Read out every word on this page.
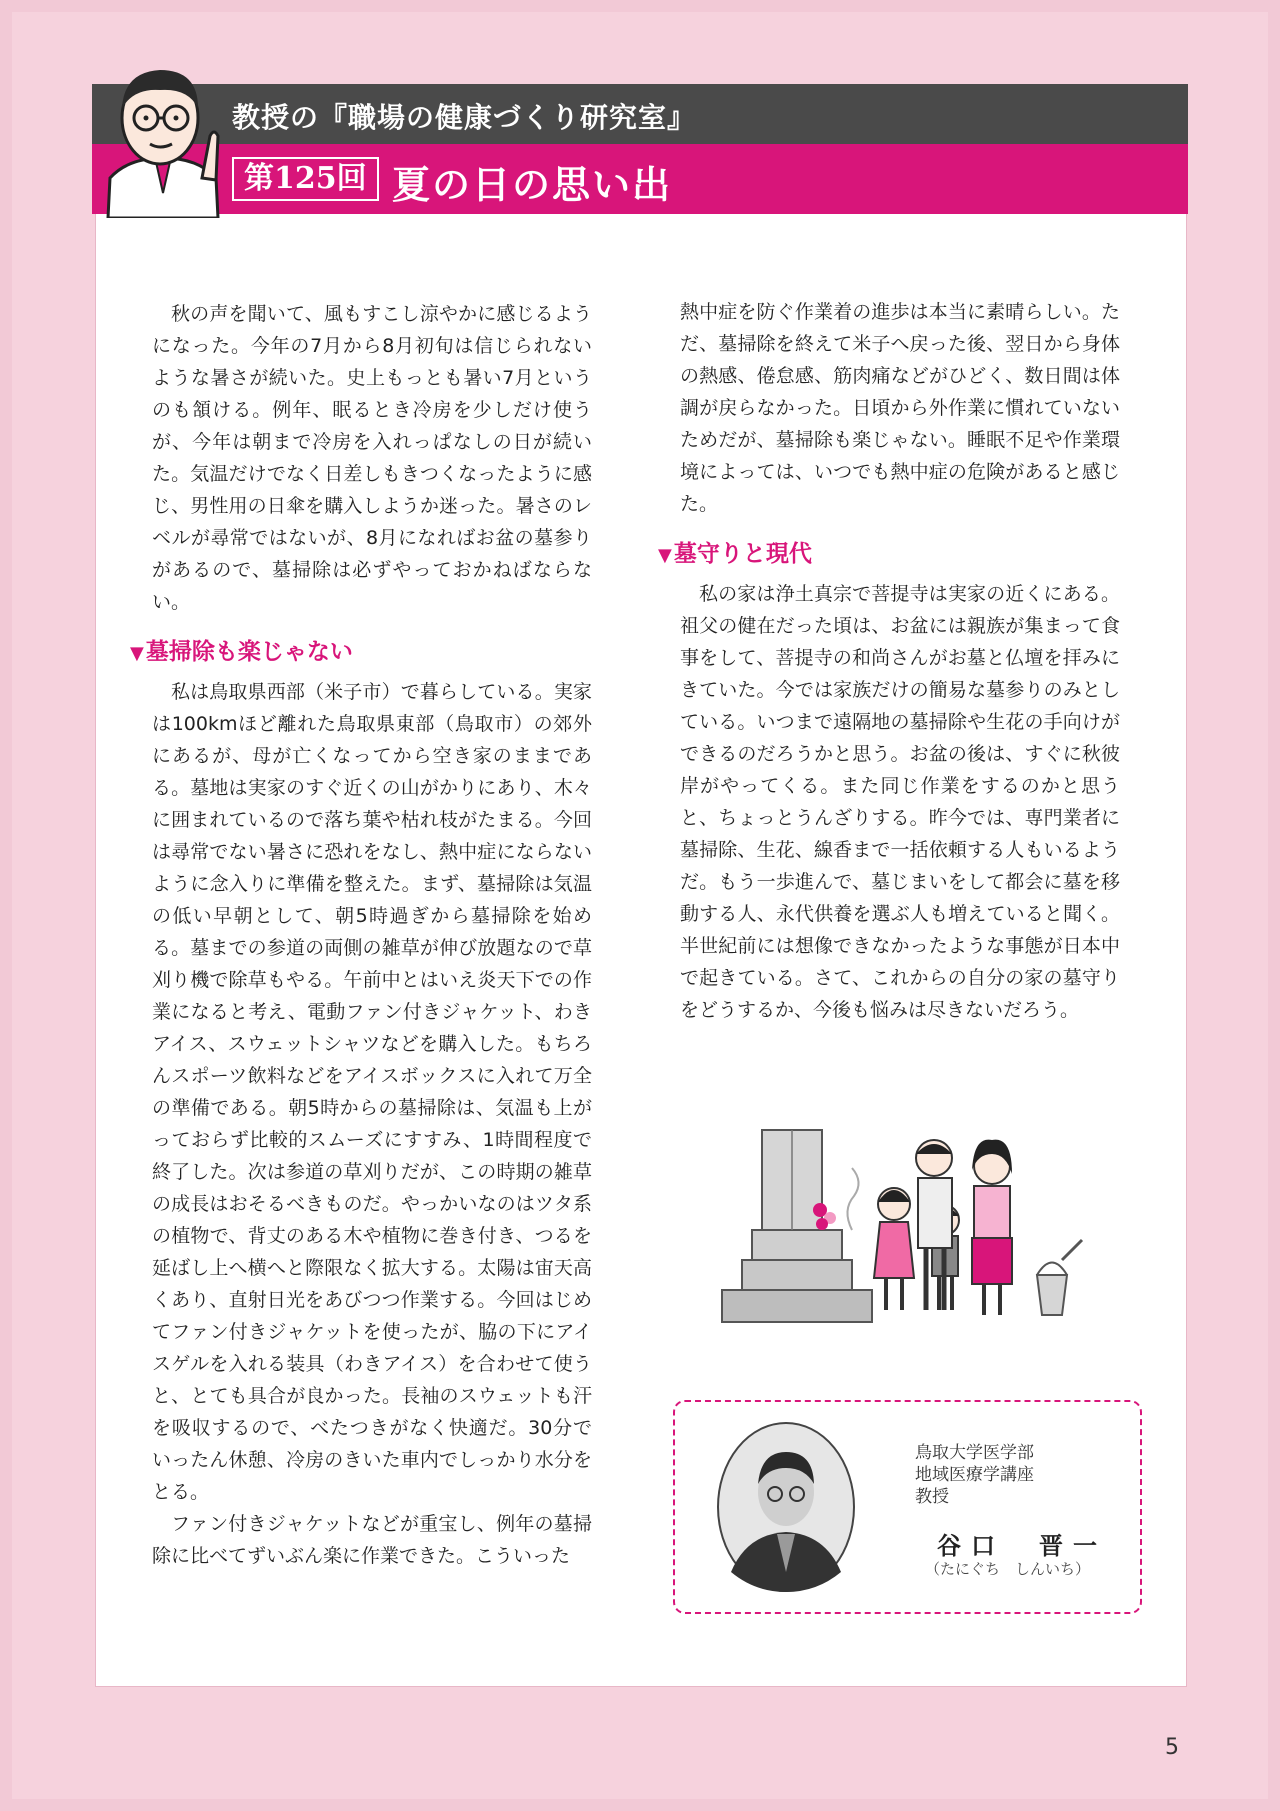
教授の『職場の健康づくり研究室』
第125回 夏の日の思い出

秋の声を聞いて、風もすこし涼やかに感じるようになった。今年の7月から8月初旬は信じられないような暑さが続いた。史上もっとも暑い7月というのも頷ける。例年、眠るとき冷房を少しだけ使うが、今年は朝まで冷房を入れっぱなしの日が続いた。気温だけでなく日差しもきつくなったように感じ、男性用の日傘を購入しようか迷った。暑さのレベルが尋常ではないが、8月になればお盆の墓参りがあるので、墓掃除は必ずやっておかねばならない。

▼墓掃除も楽じゃない

私は鳥取県西部（米子市）で暮らしている。実家は100kmほど離れた鳥取県東部（鳥取市）の郊外にあるが、母が亡くなってから空き家のままである。墓地は実家のすぐ近くの山がかりにあり、木々に囲まれているので落ち葉や枯れ枝がたまる。今回は尋常でない暑さに恐れをなし、熱中症にならないように念入りに準備を整えた。まず、墓掃除は気温の低い早朝として、朝5時過ぎから墓掃除を始める。墓までの参道の両側の雑草が伸び放題なので草刈り機で除草もやる。午前中とはいえ炎天下での作業になると考え、電動ファン付きジャケット、わきアイス、スウェットシャツなどを購入した。もちろんスポーツ飲料などをアイスボックスに入れて万全の準備である。朝5時からの墓掃除は、気温も上がっておらず比較的スムーズにすすみ、1時間程度で終了した。次は参道の草刈りだが、この時期の雑草の成長はおそるべきものだ。やっかいなのはツタ系の植物で、背丈のある木や植物に巻き付き、つるを延ばし上へ横へと際限なく拡大する。太陽は宙天高くあり、直射日光をあびつつ作業する。今回はじめてファン付きジャケットを使ったが、脇の下にアイスゲルを入れる装具（わきアイス）を合わせて使うと、とても具合が良かった。長袖のスウェットも汗を吸収するので、べたつきがなく快適だ。30分でいったん休憩、冷房のきいた車内でしっかり水分をとる。

ファン付きジャケットなどが重宝し、例年の墓掃除に比べてずいぶん楽に作業できた。こういった

熱中症を防ぐ作業着の進歩は本当に素晴らしい。ただ、墓掃除を終えて米子へ戻った後、翌日から身体の熱感、倦怠感、筋肉痛などがひどく、数日間は体調が戻らなかった。日頃から外作業に慣れていないためだが、墓掃除も楽じゃない。睡眠不足や作業環境によっては、いつでも熱中症の危険があると感じた。

▼墓守りと現代

私の家は浄土真宗で菩提寺は実家の近くにある。祖父の健在だった頃は、お盆には親族が集まって食事をして、菩提寺の和尚さんがお墓と仏壇を拝みにきていた。今では家族だけの簡易な墓参りのみとしている。いつまで遠隔地の墓掃除や生花の手向けができるのだろうかと思う。お盆の後は、すぐに秋彼岸がやってくる。また同じ作業をするのかと思うと、ちょっとうんざりする。昨今では、専門業者に墓掃除、生花、線香まで一括依頼する人もいるようだ。もう一歩進んで、墓じまいをして都会に墓を移動する人、永代供養を選ぶ人も増えていると聞く。半世紀前には想像できなかったような事態が日本中で起きている。さて、これからの自分の家の墓守りをどうするか、今後も悩みは尽きないだろう。

鳥取大学医学部
地域医療学講座
教授
谷口　晋一
（たにぐち　しんいち）
5
